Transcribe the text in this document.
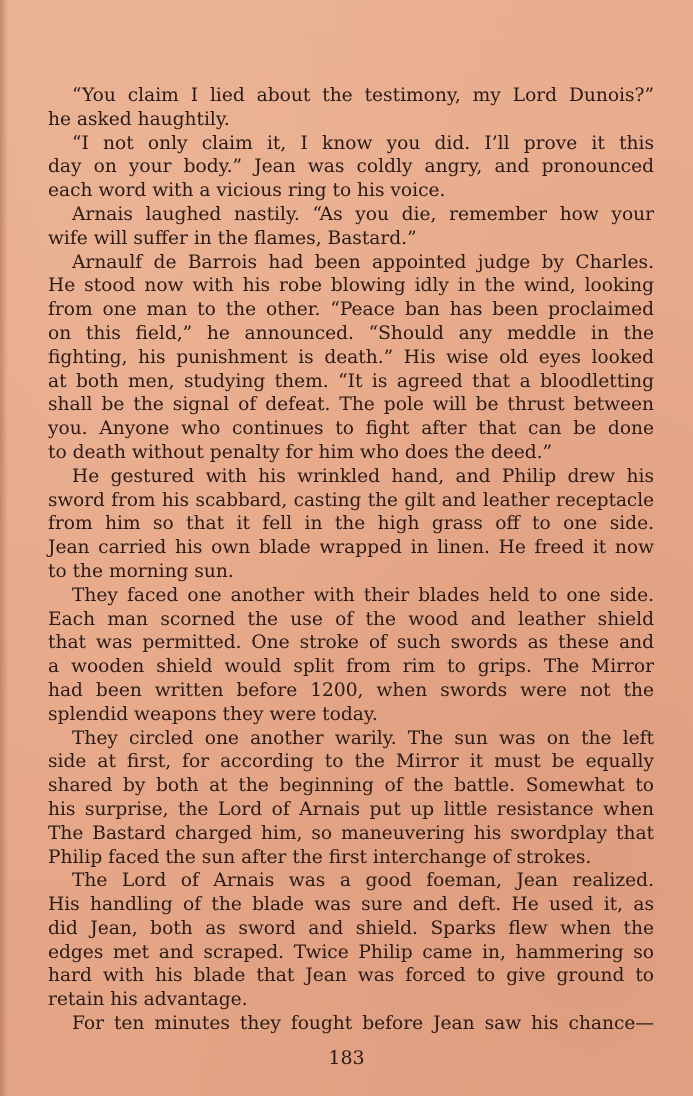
“You claim I lied about the testimony, my Lord Dunois?”
he asked haughtily.
“I not only claim it, I know you did. I’ll prove it this
day on your body.” Jean was coldly angry, and pronounced
each word with a vicious ring to his voice.
Arnais laughed nastily. “As you die, remember how your
wife will suffer in the flames, Bastard.”
Arnaulf de Barrois had been appointed judge by Charles.
He stood now with his robe blowing idly in the wind, looking
from one man to the other. “Peace ban has been proclaimed
on this field,” he announced. “Should any meddle in the
fighting, his punishment is death.” His wise old eyes looked
at both men, studying them. “It is agreed that a bloodletting
shall be the signal of defeat. The pole will be thrust between
you. Anyone who continues to fight after that can be done
to death without penalty for him who does the deed.”
He gestured with his wrinkled hand, and Philip drew his
sword from his scabbard, casting the gilt and leather receptacle
from him so that it fell in the high grass off to one side.
Jean carried his own blade wrapped in linen. He freed it now
to the morning sun.
They faced one another with their blades held to one side.
Each man scorned the use of the wood and leather shield
that was permitted. One stroke of such swords as these and
a wooden shield would split from rim to grips. The Mirror
had been written before 1200, when swords were not the
splendid weapons they were today.
They circled one another warily. The sun was on the left
side at first, for according to the Mirror it must be equally
shared by both at the beginning of the battle. Somewhat to
his surprise, the Lord of Arnais put up little resistance when
The Bastard charged him, so maneuvering his swordplay that
Philip faced the sun after the first interchange of strokes.
The Lord of Arnais was a good foeman, Jean realized.
His handling of the blade was sure and deft. He used it, as
did Jean, both as sword and shield. Sparks flew when the
edges met and scraped. Twice Philip came in, hammering so
hard with his blade that Jean was forced to give ground to
retain his advantage.
For ten minutes they fought before Jean saw his chance—
183
